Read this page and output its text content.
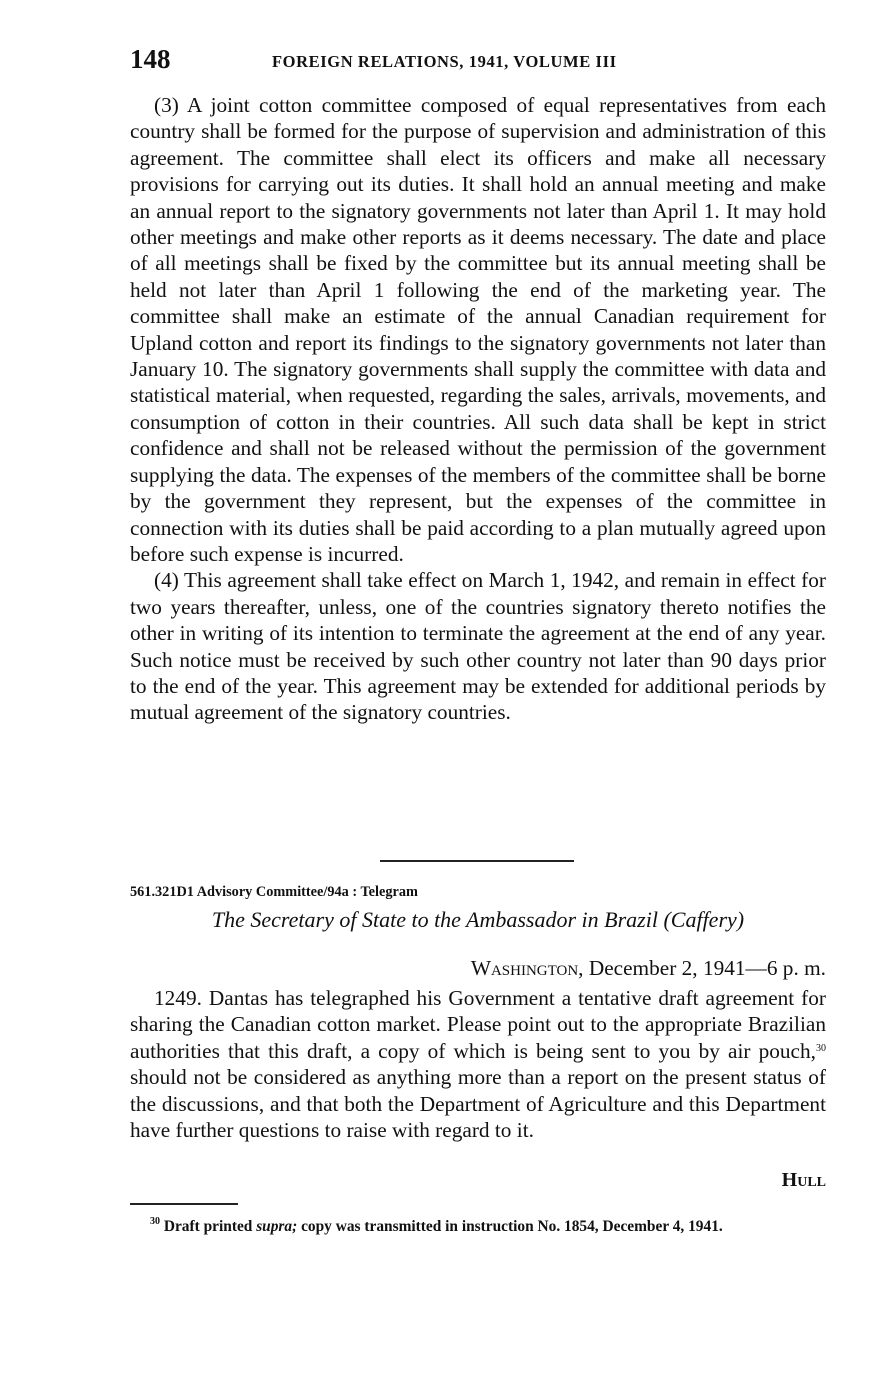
148	FOREIGN RELATIONS, 1941, VOLUME III

(3) A joint cotton committee composed of equal representatives from each country shall be formed for the purpose of supervision and administration of this agreement. The committee shall elect its officers and make all necessary provisions for carrying out its duties. It shall hold an annual meeting and make an annual report to the signatory governments not later than April 1. It may hold other meetings and make other reports as it deems necessary. The date and place of all meetings shall be fixed by the committee but its annual meeting shall be held not later than April 1 following the end of the marketing year. The committee shall make an estimate of the annual Canadian requirement for Upland cotton and report its findings to the signatory governments not later than January 10. The signatory governments shall supply the committee with data and statistical material, when requested, regarding the sales, arrivals, movements, and consumption of cotton in their countries. All such data shall be kept in strict confidence and shall not be released without the permission of the government supplying the data. The expenses of the members of the committee shall be borne by the government they represent, but the expenses of the committee in connection with its duties shall be paid according to a plan mutually agreed upon before such expense is incurred.

(4) This agreement shall take effect on March 1, 1942, and remain in effect for two years thereafter, unless, one of the countries signatory thereto notifies the other in writing of its intention to terminate the agreement at the end of any year. Such notice must be received by such other country not later than 90 days prior to the end of the year. This agreement may be extended for additional periods by mutual agreement of the signatory countries.

561.321D1 Advisory Committee/94a : Telegram
The Secretary of State to the Ambassador in Brazil (Caffery)
Washington, December 2, 1941—6 p. m.

1249. Dantas has telegraphed his Government a tentative draft agreement for sharing the Canadian cotton market. Please point out to the appropriate Brazilian authorities that this draft, a copy of which is being sent to you by air pouch,$^{30}$ should not be considered as anything more than a report on the present status of the discussions, and that both the Department of Agriculture and this Department have further questions to raise with regard to it.

Hull
$^{30}$ Draft printed supra; copy was transmitted in instruction No. 1854, December 4, 1941.
